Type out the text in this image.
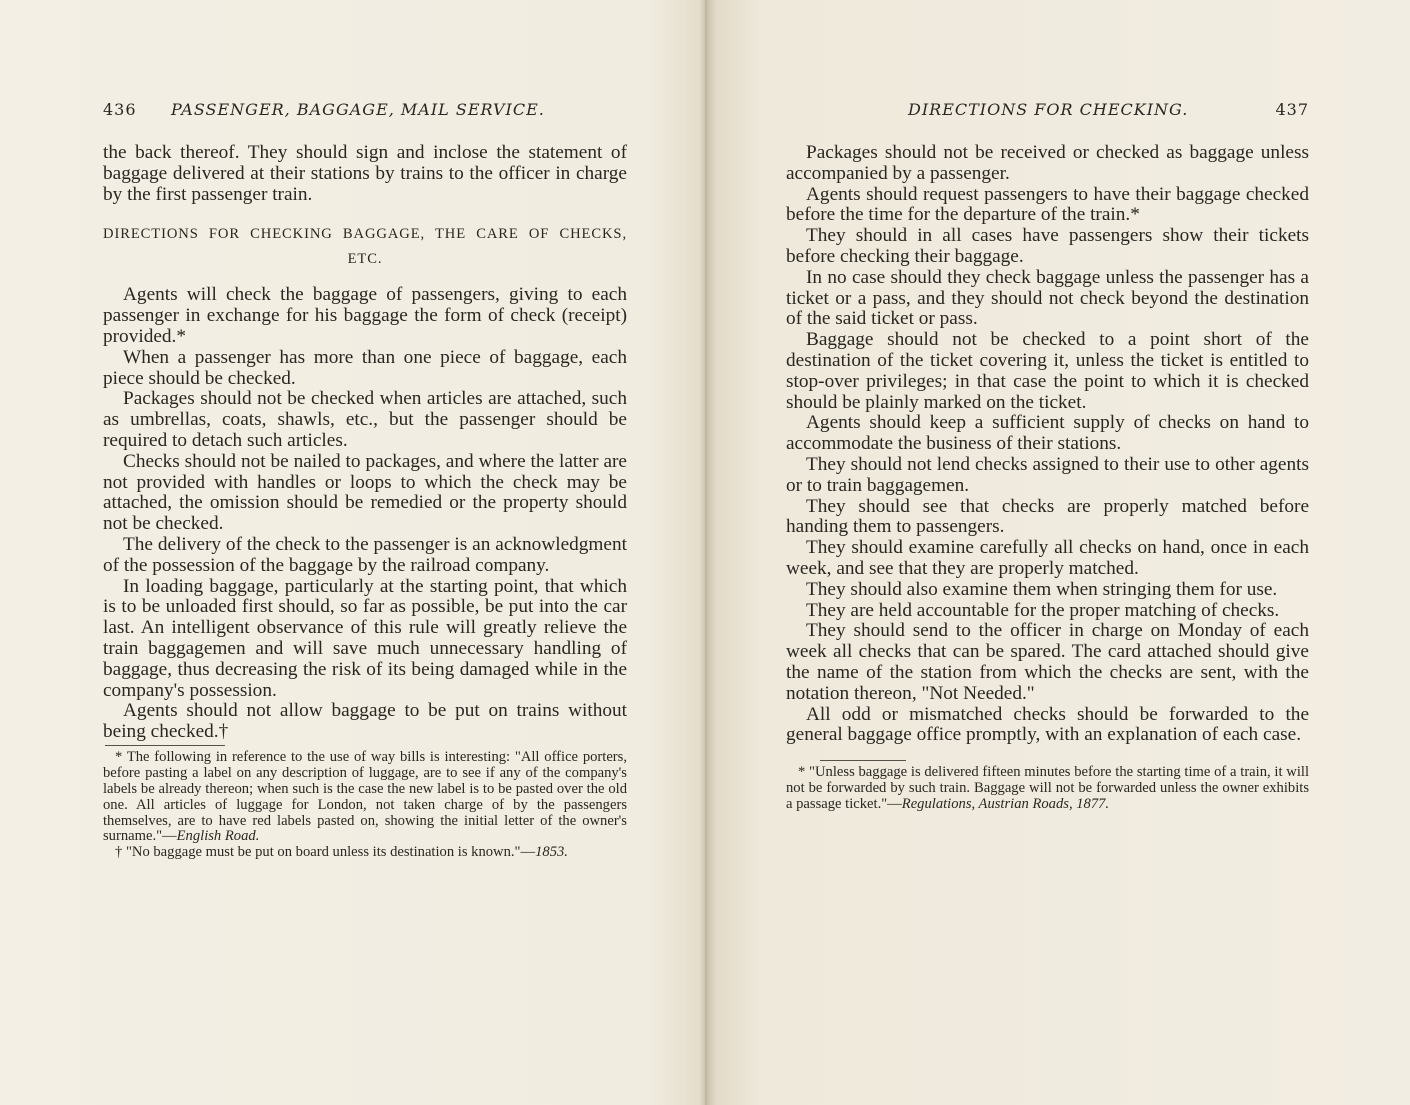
436 PASSENGER, BAGGAGE, MAIL SERVICE.

the back thereof. They should sign and inclose the statement of baggage delivered at their stations by trains to the officer in charge by the first passenger train.

DIRECTIONS FOR CHECKING BAGGAGE, THE CARE OF CHECKS, ETC.

Agents will check the baggage of passengers, giving to each passenger in exchange for his baggage the form of check (receipt) provided.*

When a passenger has more than one piece of baggage, each piece should be checked.

Packages should not be checked when articles are attached, such as umbrellas, coats, shawls, etc., but the passenger should be required to detach such articles.

Checks should not be nailed to packages, and where the latter are not provided with handles or loops to which the check may be attached, the omission should be remedied or the property should not be checked.

The delivery of the check to the passenger is an acknowledgment of the possession of the baggage by the railroad company.

In loading baggage, particularly at the starting point, that which is to be unloaded first should, so far as possible, be put into the car last. An intelligent observance of this rule will greatly relieve the train baggagemen and will save much unnecessary handling of baggage, thus decreasing the risk of its being damaged while in the company's possession.

Agents should not allow baggage to be put on trains without being checked.†

* The following in reference to the use of way bills is interesting: "All office porters, before pasting a label on any description of luggage, are to see if any of the company's labels be already thereon; when such is the case the new label is to be pasted over the old one. All articles of luggage for London, not taken charge of by the passengers themselves, are to have red labels pasted on, showing the initial letter of the owner's surname."—English Road.

† "No baggage must be put on board unless its destination is known."—1853.

DIRECTIONS FOR CHECKING.	437

Packages should not be received or checked as baggage unless accompanied by a passenger.

Agents should request passengers to have their baggage checked before the time for the departure of the train.*

They should in all cases have passengers show their tickets before checking their baggage.

In no case should they check baggage unless the passenger has a ticket or a pass, and they should not check beyond the destination of the said ticket or pass.

Baggage should not be checked to a point short of the destination of the ticket covering it, unless the ticket is entitled to stop-over privileges; in that case the point to which it is checked should be plainly marked on the ticket.

Agents should keep a sufficient supply of checks on hand to accommodate the business of their stations.

They should not lend checks assigned to their use to other agents or to train baggagemen.

They should see that checks are properly matched before handing them to passengers.

They should examine carefully all checks on hand, once in each week, and see that they are properly matched.

They should also examine them when stringing them for use.

They are held accountable for the proper matching of checks.

They should send to the officer in charge on Monday of each week all checks that can be spared. The card attached should give the name of the station from which the checks are sent, with the notation thereon, "Not Needed."

All odd or mismatched checks should be forwarded to the general baggage office promptly, with an explanation of each case.

* "Unless baggage is delivered fifteen minutes before the starting time of a train, it will not be forwarded by such train. Baggage will not be forwarded unless the owner exhibits a passage ticket."—Regulations, Austrian Roads, 1877.
